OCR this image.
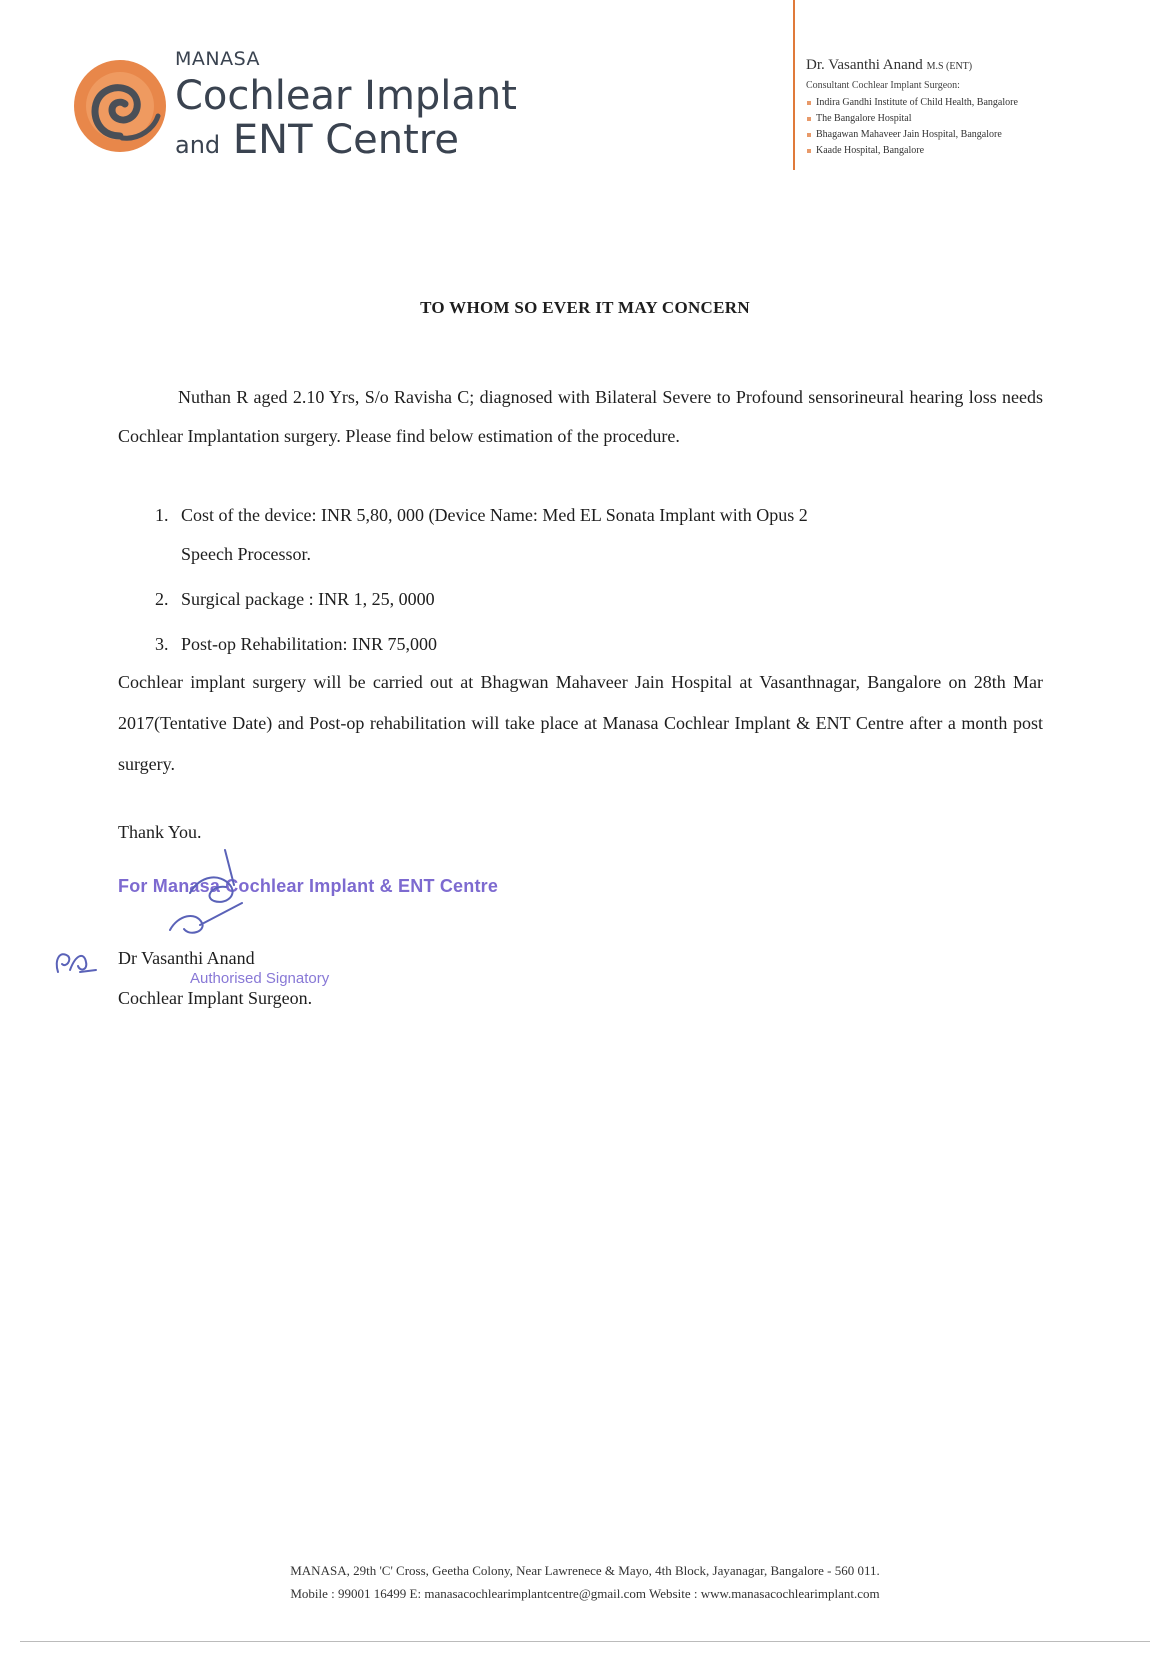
MANASA
Cochlear Implant
and ENT Centre
Dr. Vasanthi Anand M.S (ENT)
Consultant Cochlear Implant Surgeon:
Indira Gandhi Institute of Child Health, Bangalore
The Bangalore Hospital
Bhagawan Mahaveer Jain Hospital, Bangalore
Kaade Hospital, Bangalore
TO WHOM SO EVER IT MAY CONCERN

Nuthan R aged 2.10 Yrs, S/o Ravisha C; diagnosed with Bilateral Severe to Profound sensorineural hearing loss needs Cochlear Implantation surgery. Please find below estimation of the procedure.

1. Cost of the device: INR 5,80, 000 (Device Name: Med EL Sonata Implant with Opus 2
Speech Processor.
2. Surgical package : INR 1, 25, 0000
3. Post-op Rehabilitation: INR 75,000

Cochlear implant surgery will be carried out at Bhagwan Mahaveer Jain Hospital at Vasanthnagar, Bangalore on 28th Mar 2017(Tentative Date) and Post-op rehabilitation will take place at Manasa Cochlear Implant & ENT Centre after a month post surgery.

Thank You.
For Manasa Cochlear Implant & ENT Centre
Dr Vasanthi Anand
Authorised Signatory
Cochlear Implant Surgeon.
MANASA, 29th 'C' Cross, Geetha Colony, Near Lawrenece & Mayo, 4th Block, Jayanagar, Bangalore - 560 011.
Mobile : 99001 16499 E: manasacochlearimplantcentre@gmail.com Website : www.manasacochlearimplant.com
